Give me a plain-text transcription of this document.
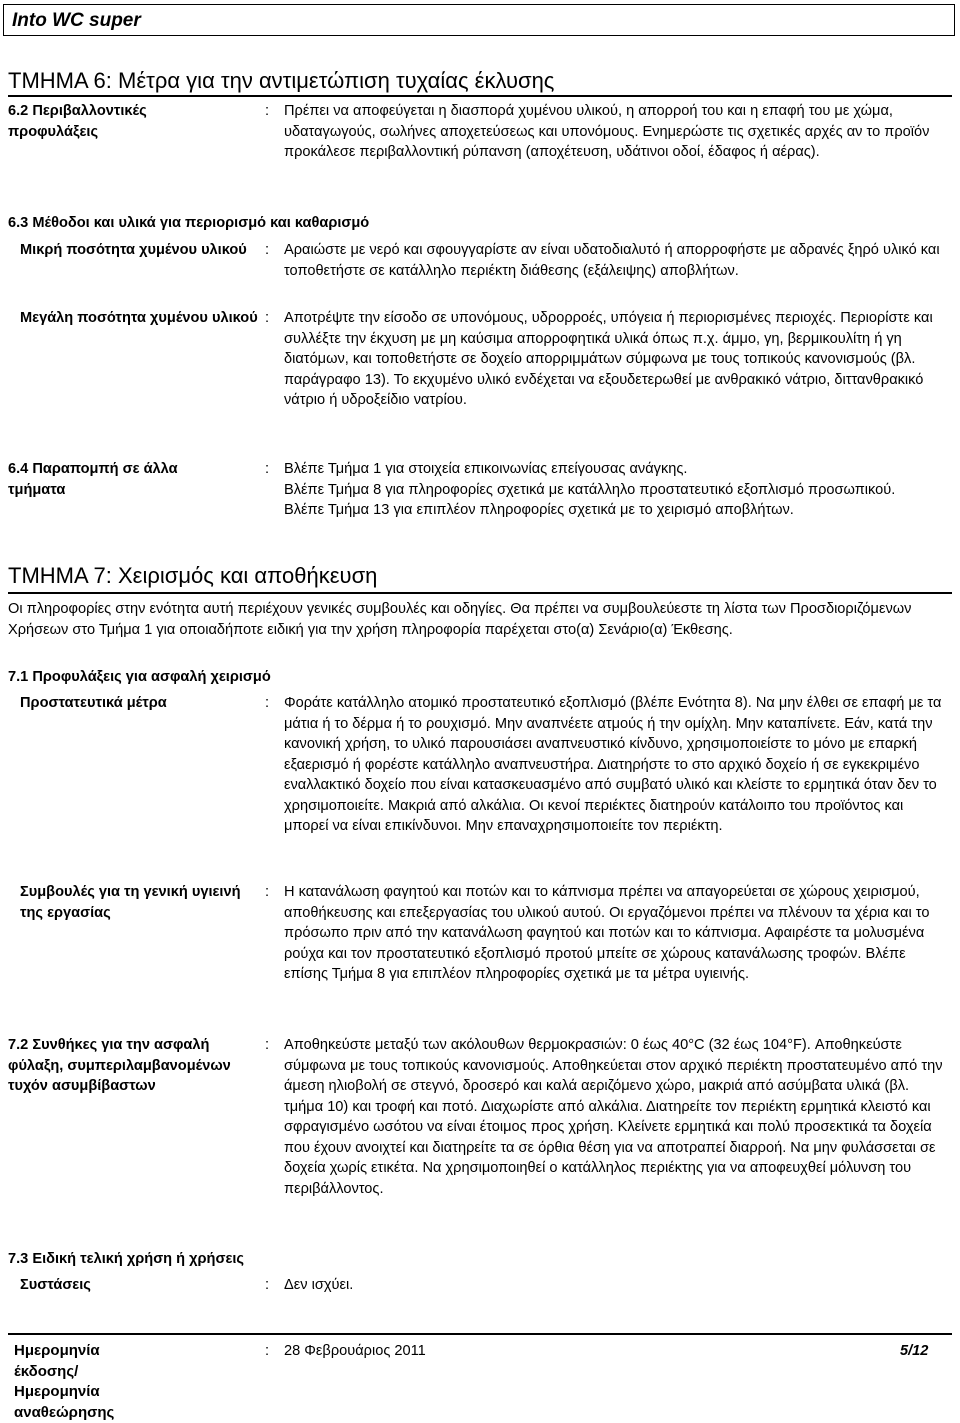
Into WC super
ΤΜΗΜΑ 6: Μέτρα για την αντιμετώπιση τυχαίας έκλυσης
6.2 Περιβαλλοντικές προφυλάξεις
: Πρέπει να αποφεύγεται η διασπορά χυμένου υλικού, η απορροή του και η επαφή του με χώμα, υδαταγωγούς, σωλήνες αποχετεύσεως και υπονόμους. Ενημερώστε τις σχετικές αρχές αν το προϊόν προκάλεσε περιβαλλοντική ρύπανση (αποχέτευση, υδάτινοι οδοί, έδαφος ή αέρας).
6.3 Μέθοδοι και υλικά για περιορισμό και καθαρισμό
Μικρή ποσότητα χυμένου υλικού	: Αραιώστε με νερό και σφουγγαρίστε αν είναι υδατοδιαλυτό ή απορροφήστε με αδρανές ξηρό υλικό και τοποθετήστε σε κατάλληλο περιέκτη διάθεσης (εξάλειψης) αποβλήτων.
Μεγάλη ποσότητα χυμένου υλικού : Αποτρέψτε την είσοδο σε υπονόμους, υδρορροές, υπόγεια ή περιορισμένες περιοχές. Περιορίστε και συλλέξτε την έκχυση με μη καύσιμα απορροφητικά υλικά όπως π.χ. άμμο, γη, βερμικουλίτη ή γη διατόμων, και τοποθετήστε σε δοχείο απορριμμάτων σύμφωνα με τους τοπικούς κανονισμούς (βλ. παράγραφο 13). Το εκχυμένο υλικό ενδέχεται να εξουδετερωθεί με ανθρακικό νάτριο, διττανθρακικό νάτριο ή υδροξείδιο νατρίου.
6.4 Παραπομπή σε άλλα τμήματα
: Βλέπε Τμήμα 1 για στοιχεία επικοινωνίας επείγουσας ανάγκης.
Βλέπε Τμήμα 8 για πληροφορίες σχετικά με κατάλληλο προστατευτικό εξοπλισμό προσωπικού.
Βλέπε Τμήμα 13 για επιπλέον πληροφορίες σχετικά με το χειρισμό αποβλήτων.
ΤΜΗΜΑ 7: Χειρισμός και αποθήκευση
Οι πληροφορίες στην ενότητα αυτή περιέχουν γενικές συμβουλές και οδηγίες. Θα πρέπει να συμβουλεύεστε τη λίστα των Προσδιοριζόμενων Χρήσεων στο Τμήμα 1 για οποιαδήποτε ειδική για την χρήση πληροφορία παρέχεται στο(α) Σενάριο(α) Έκθεσης.
7.1 Προφυλάξεις για ασφαλή χειρισμό
Προστατευτικά μέτρα	: Φοράτε κατάλληλο ατομικό προστατευτικό εξοπλισμό (βλέπε Ενότητα 8). Να μην έλθει σε επαφή με τα μάτια ή το δέρμα ή το ρουχισμό. Μην αναπνέετε ατμούς ή την ομίχλη. Μην καταπίνετε. Εάν, κατά την κανονική χρήση, το υλικό παρουσιάσει αναπνευστικό κίνδυνο, χρησιμοποιείστε το μόνο με επαρκή εξαερισμό ή φορέστε κατάλληλο αναπνευστήρα. Διατηρήστε το στο αρχικό δοχείο ή σε εγκεκριμένο εναλλακτικό δοχείο που είναι κατασκευασμένο από συμβατό υλικό και κλείστε το ερμητικά όταν δεν το χρησιμοποιείτε. Μακριά από αλκάλια. Οι κενοί περιέκτες διατηρούν κατάλοιπο του προϊόντος και μπορεί να είναι επικίνδυνοι. Μην επαναχρησιμοποιείτε τον περιέκτη.
Συμβουλές για τη γενική υγιεινή της εργασίας
: Η κατανάλωση φαγητού και ποτών και το κάπνισμα πρέπει να απαγορεύεται σε χώρους χειρισμού, αποθήκευσης και επεξεργασίας του υλικού αυτού. Οι εργαζόμενοι πρέπει να πλένουν τα χέρια και το πρόσωπο πριν από την κατανάλωση φαγητού και ποτών και το κάπνισμα. Αφαιρέστε τα μολυσμένα ρούχα και τον προστατευτικό εξοπλισμό προτού μπείτε σε χώρους κατανάλωσης τροφών. Βλέπε επίσης Τμήμα 8 για επιπλέον πληροφορίες σχετικά με τα μέτρα υγιεινής.
7.2 Συνθήκες για την ασφαλή φύλαξη, συμπεριλαμβανομένων τυχόν ασυμβίβαστων
: Αποθηκεύστε μεταξύ των ακόλουθων θερμοκρασιών: 0 έως 40°C (32 έως 104°F). Αποθηκεύστε σύμφωνα με τους τοπικούς κανονισμούς. Αποθηκεύεται στον αρχικό περιέκτη προστατευμένο από την άμεση ηλιοβολή σε στεγνό, δροσερό και καλά αεριζόμενο χώρο, μακριά από ασύμβατα υλικά (βλ. τμήμα 10) και τροφή και ποτό. Διαχωρίστε από αλκάλια. Διατηρείτε τον περιέκτη ερμητικά κλειστό και σφραγισμένο ωσότου να είναι έτοιμος προς χρήση. Κλείνετε ερμητικά και πολύ προσεκτικά τα δοχεία που έχουν ανοιχτεί και διατηρείτε τα σε όρθια θέση για να αποτραπεί διαρροή. Να μην φυλάσσεται σε δοχεία χωρίς ετικέτα. Να χρησιμοποιηθεί ο κατάλληλος περιέκτης για να αποφευχθεί μόλυνση του περιβάλλοντος.
7.3 Ειδική τελική χρήση ή χρήσεις
Συστάσεις	: Δεν ισχύει.
Ημερομηνία έκδοσης/Ημερομηνία αναθεώρησης
: 28 Φεβρουάριος 2011	5/12
